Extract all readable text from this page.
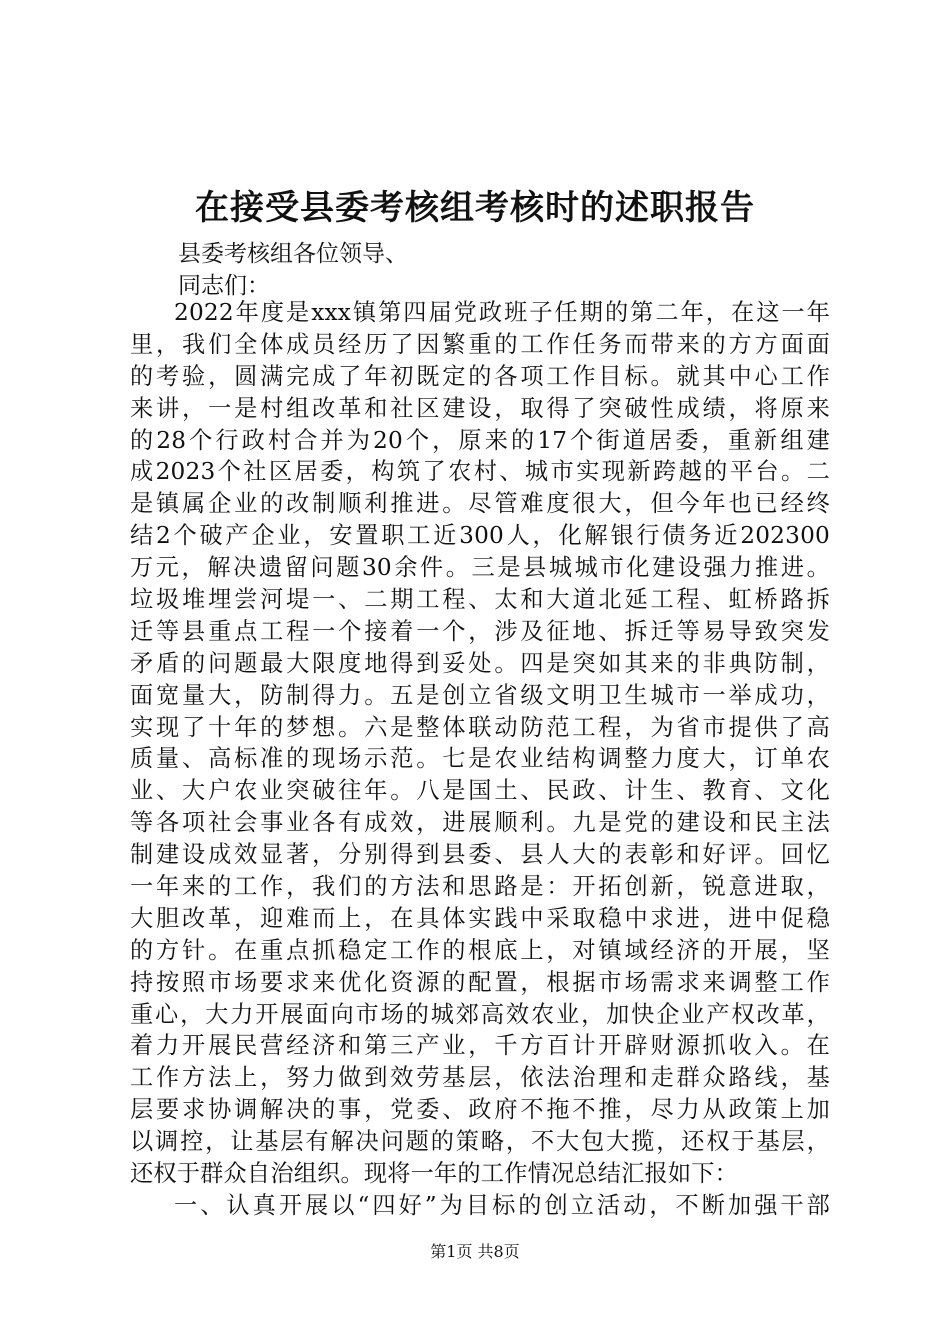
在接受县委考核组考核时的述职报告
县委考核组各位领导、
同志们：
2022年度是xxx镇第四届党政班子任期的第二年，在这一年
里，我们全体成员经历了因繁重的工作任务而带来的方方面面
的考验，圆满完成了年初既定的各项工作目标。就其中心工作
来讲，一是村组改革和社区建设，取得了突破性成绩，将原来
的28个行政村合并为20个，原来的17个街道居委，重新组建
成2023个社区居委，构筑了农村、城市实现新跨越的平台。二
是镇属企业的改制顺利推进。尽管难度很大，但今年也已经终
结2个破产企业，安置职工近300人，化解银行债务近202300
万元，解决遗留问题30余件。三是县城城市化建设强力推进。
垃圾堆埋尝河堤一、二期工程、太和大道北延工程、虹桥路拆
迁等县重点工程一个接着一个，涉及征地、拆迁等易导致突发
矛盾的问题最大限度地得到妥处。四是突如其来的非典防制，
面宽量大，防制得力。五是创立省级文明卫生城市一举成功，
实现了十年的梦想。六是整体联动防范工程，为省市提供了高
质量、高标准的现场示范。七是农业结构调整力度大，订单农
业、大户农业突破往年。八是国土、民政、计生、教育、文化
等各项社会事业各有成效，进展顺利。九是党的建设和民主法
制建设成效显著，分别得到县委、县人大的表彰和好评。回忆
一年来的工作，我们的方法和思路是：开拓创新，锐意进取，
大胆改革，迎难而上，在具体实践中采取稳中求进，进中促稳
的方针。在重点抓稳定工作的根底上，对镇域经济的开展，坚
持按照市场要求来优化资源的配置，根据市场需求来调整工作
重心，大力开展面向市场的城郊高效农业，加快企业产权改革，
着力开展民营经济和第三产业，千方百计开辟财源抓收入。在
工作方法上，努力做到效劳基层，依法治理和走群众路线，基
层要求协调解决的事，党委、政府不拖不推，尽力从政策上加
以调控，让基层有解决问题的策略，不大包大揽，还权于基层，
还权于群众自治组织。现将一年的工作情况总结汇报如下：
一、认真开展以“四好”为目标的创立活动，不断加强干部
第1页 共8页
